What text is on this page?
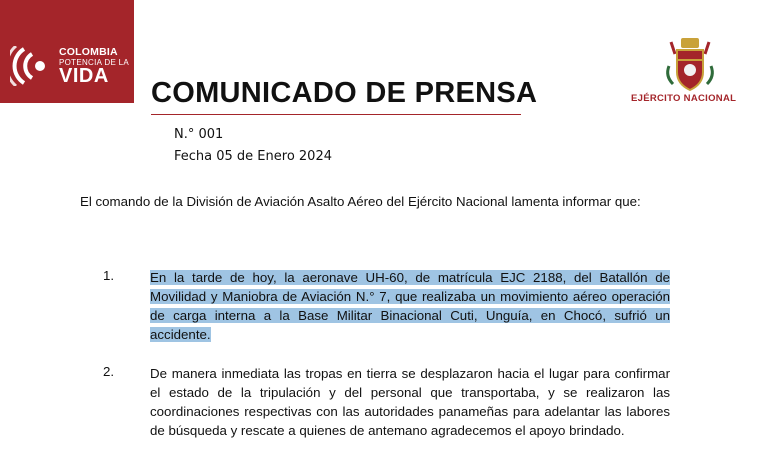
COLOMBIA
POTENCIA DE LA
VIDA
COMUNICADO DE PRENSA	EJÉRCITO NACIONAL
N.° 001
Fecha 05 de Enero 2024
El comando de la División de Aviación Asalto Aéreo del Ejército Nacional lamenta informar que:
1.	En la tarde de hoy, la aeronave UH-60, de matrícula EJC 2188, del Batallón de Movilidad y Maniobra de Aviación N.° 7, que realizaba un movimiento aéreo operación de carga interna a la Base Militar Binacional Cuti, Unguía, en Chocó, sufrió un accidente.
2.	De manera inmediata las tropas en tierra se desplazaron hacia el lugar para confirmar el estado de la tripulación y del personal que transportaba, y se realizaron las coordinaciones respectivas con las autoridades panameñas para adelantar las labores de búsqueda y rescate a quienes de antemano agradecemos el apoyo brindado.
